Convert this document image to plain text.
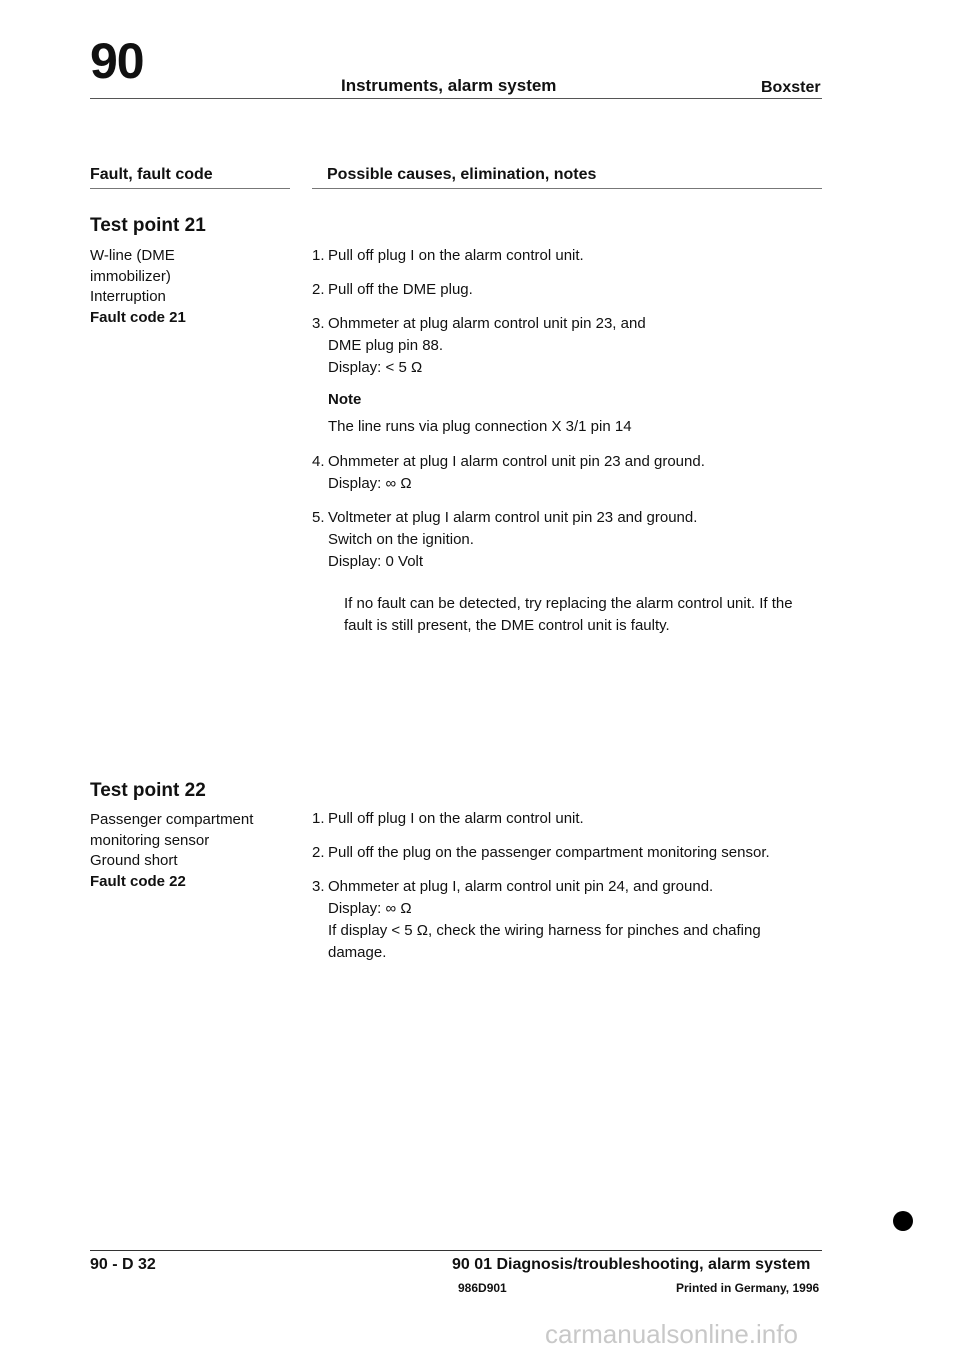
90	Instruments, alarm system	Boxster
Fault, fault code	Possible causes, elimination, notes
Test point 21
W-line (DME
immobilizer)
Interruption
Fault code 21
1. Pull off plug I on the alarm control unit.
2. Pull off the DME plug.
3. Ohmmeter at plug alarm control unit pin 23, and
DME plug pin 88.
Display: < 5 Ω
Note
The line runs via plug connection X 3/1 pin 14
4. Ohmmeter at plug I alarm control unit pin 23 and ground.
Display: ∞ Ω
5. Voltmeter at plug I alarm control unit pin 23 and ground.
Switch on the ignition.
Display: 0 Volt
If no fault can be detected, try replacing the alarm control unit. If the fault is still present, the DME control unit is faulty.
Test point 22
Passenger compartment
monitoring sensor
Ground short
Fault code 22
1. Pull off plug I on the alarm control unit.
2. Pull off the plug on the passenger compartment monitoring sensor.
3. Ohmmeter at plug I, alarm control unit pin 24, and ground.
Display: ∞ Ω
If display < 5 Ω, check the wiring harness for pinches and chafing
damage.
90 - D 32	90 01 Diagnosis/troubleshooting, alarm system
986D901	Printed in Germany, 1996
carmanualsonline.info
